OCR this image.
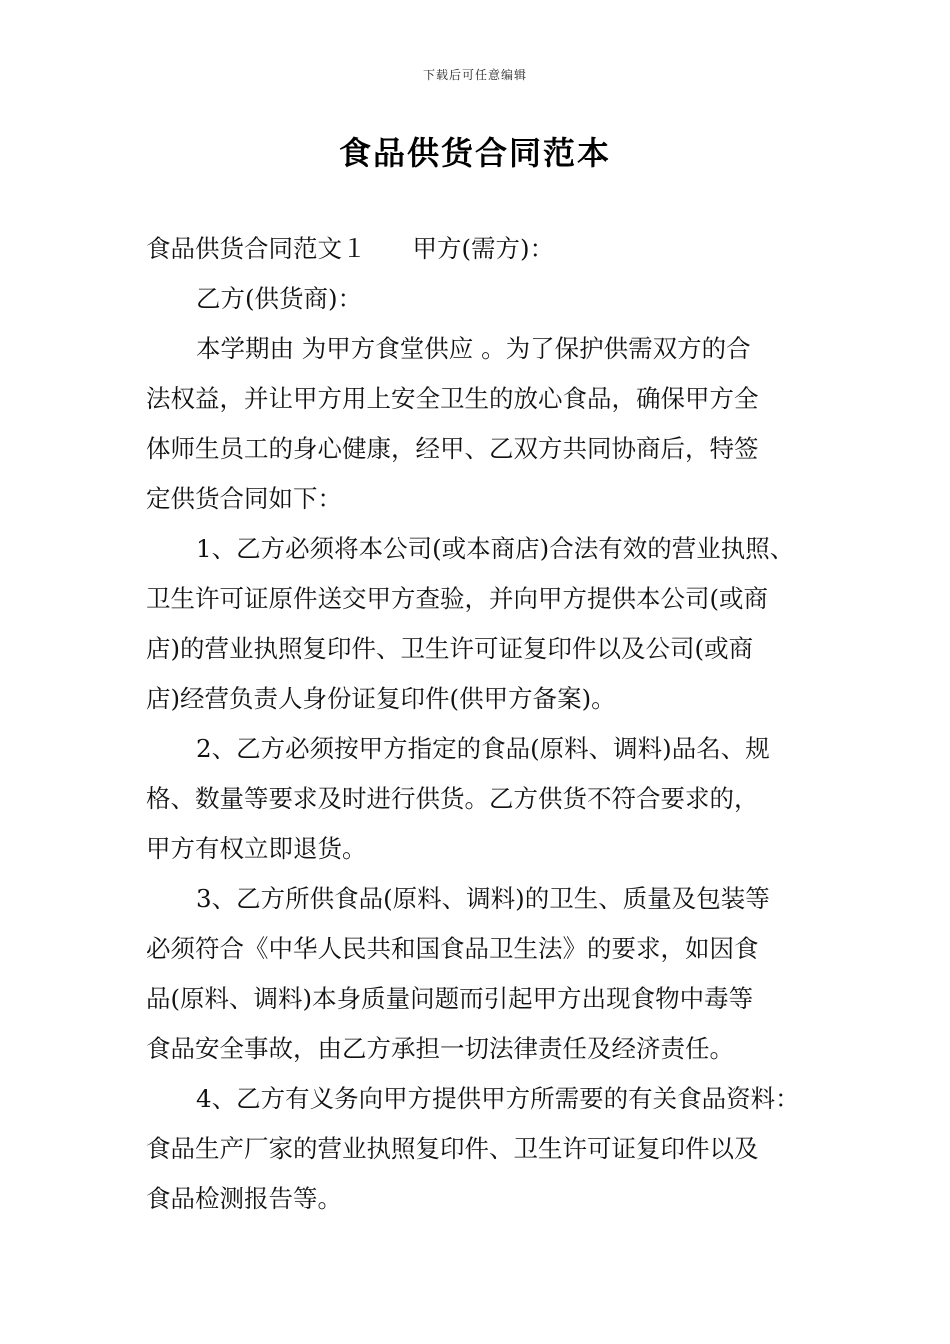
下载后可任意编辑
食品供货合同范本

食品供货合同范文１ 甲方(需方)：

乙方(供货商)：

本学期由 为甲方食堂供应 。为了保护供需双方的合

法权益，并让甲方用上安全卫生的放心食品，确保甲方全

体师生员工的身心健康，经甲、乙双方共同协商后，特签

定供货合同如下：

1、乙方必须将本公司(或本商店)合法有效的营业执照、

卫生许可证原件送交甲方查验，并向甲方提供本公司(或商

店)的营业执照复印件、卫生许可证复印件以及公司(或商

店)经营负责人身份证复印件(供甲方备案)。

2、乙方必须按甲方指定的食品(原料、调料)品名、规

格、数量等要求及时进行供货。乙方供货不符合要求的，

甲方有权立即退货。

3、乙方所供食品(原料、调料)的卫生、质量及包装等

必须符合《中华人民共和国食品卫生法》的要求，如因食

品(原料、调料)本身质量问题而引起甲方出现食物中毒等

食品安全事故，由乙方承担一切法律责任及经济责任。

4、乙方有义务向甲方提供甲方所需要的有关食品资料：

食品生产厂家的营业执照复印件、卫生许可证复印件以及

食品检测报告等。
